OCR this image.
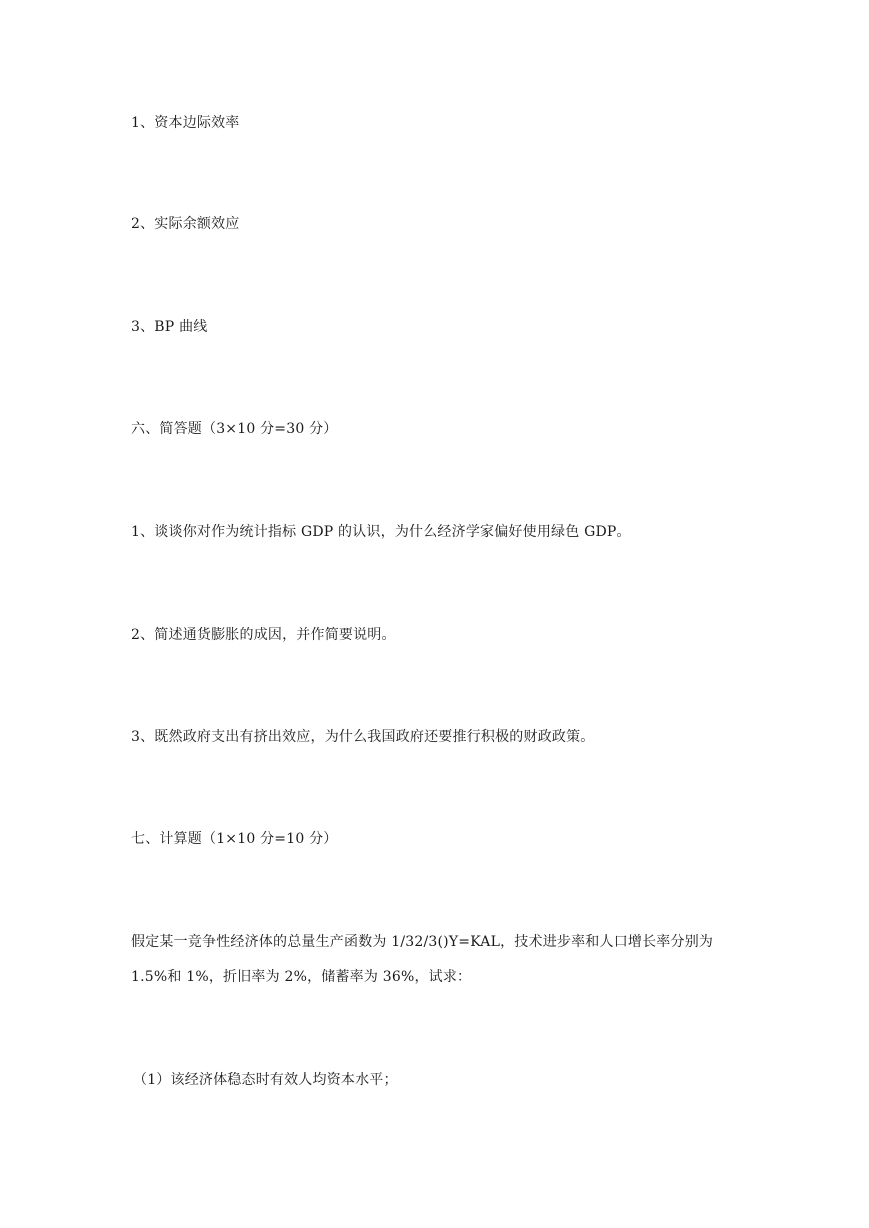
1、资本边际效率
2、实际余额效应
3、BP 曲线
六、简答题（3×10 分=30 分）
1、谈谈你对作为统计指标 GDP 的认识，为什么经济学家偏好使用绿色 GDP。
2、简述通货膨胀的成因，并作简要说明。
3、既然政府支出有挤出效应，为什么我国政府还要推行积极的财政政策。
七、计算题（1×10 分=10 分）
假定某一竞争性经济体的总量生产函数为 1/32/3()Y=KAL，技术进步率和人口增长率分别为
1.5%和 1%，折旧率为 2%，储蓄率为 36%，试求：
（1）该经济体稳态时有效人均资本水平；
